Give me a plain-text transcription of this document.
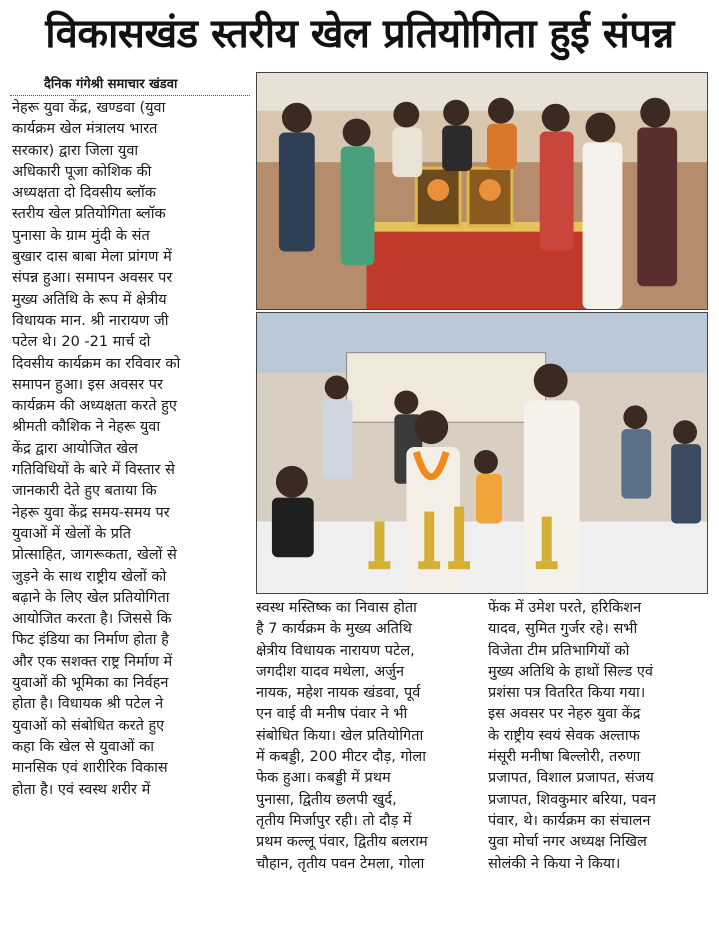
विकासखंड स्तरीय खेल प्रतियोगिता हुई संपन्न
दैनिक गंगेश्री समाचार खंडवा
नेहरू युवा केंद्र, खण्डवा (युवा
कार्यक्रम खेल मंत्रालय भारत
सरकार) द्वारा जिला युवा
अधिकारी पूजा कोशिक की
अध्यक्षता दो दिवसीय ब्लॉक
स्तरीय खेल प्रतियोगिता ब्लॉक
पुनासा के ग्राम मुंदी के संत
बुखार दास बाबा मेला प्रांगण में
संपन्न हुआ। समापन अवसर पर
मुख्य अतिथि के रूप में क्षेत्रीय
विधायक मान. श्री नारायण जी
पटेल थे। 20 -21 मार्च दो
दिवसीय कार्यक्रम का रविवार को
समापन हुआ। इस अवसर पर
कार्यक्रम की अध्यक्षता करते हुए
श्रीमती कौशिक ने नेहरू युवा
केंद्र द्वारा आयोजित खेल
गतिविधियों के बारे में विस्तार से
जानकारी देते हुए बताया कि
नेहरू युवा केंद्र समय-समय पर
युवाओं में खेलों के प्रति
प्रोत्साहित, जागरूकता, खेलों से
जुड़ने के साथ राष्ट्रीय खेलों को
बढ़ाने के लिए खेल प्रतियोगिता
आयोजित करता है। जिससे कि
फिट इंडिया का निर्माण होता है
और एक सशक्त राष्ट्र निर्माण में
युवाओं की भूमिका का निर्वहन
होता है। विधायक श्री पटेल ने
युवाओं को संबोधित करते हुए
कहा कि खेल से युवाओं का
मानसिक एवं शारीरिक विकास
होता है। एवं स्वस्थ शरीर में
स्वस्थ मस्तिष्क का निवास होता
है 7 कार्यक्रम के मुख्य अतिथि
क्षेत्रीय विधायक नारायण पटेल,
जगदीश यादव मथेला, अर्जुन
नायक, महेश नायक खंडवा, पूर्व
एन वाई वी मनीष पंवार ने भी
संबोधित किया। खेल प्रतियोगिता
में कबड्डी, 200 मीटर दौड़, गोला
फेक हुआ। कबड्डी में प्रथम
पुनासा, द्वितीय छलपी खुर्द,
तृतीय मिर्जापुर रही। तो दौड़ में
प्रथम कल्लू पंवार, द्वितीय बलराम
चौहान, तृतीय पवन टेमला, गोला
फेंक में उमेश परते, हरिकिशन
यादव, सुमित गुर्जर रहे। सभी
विजेता टीम प्रतिभागियों को
मुख्य अतिथि के हाथों सिल्ड एवं
प्रशंसा पत्र वितरित किया गया।
इस अवसर पर नेहरु युवा केंद्र
के राष्ट्रीय स्वयं सेवक अल्ताफ
मंसूरी मनीषा बिल्लोरी, तरुणा
प्रजापत, विशाल प्रजापत, संजय
प्रजापत, शिवकुमार बरिया, पवन
पंवार, थे। कार्यक्रम का संचालन
युवा मोर्चा नगर अध्यक्ष निखिल
सोलंकी ने किया ने किया।
